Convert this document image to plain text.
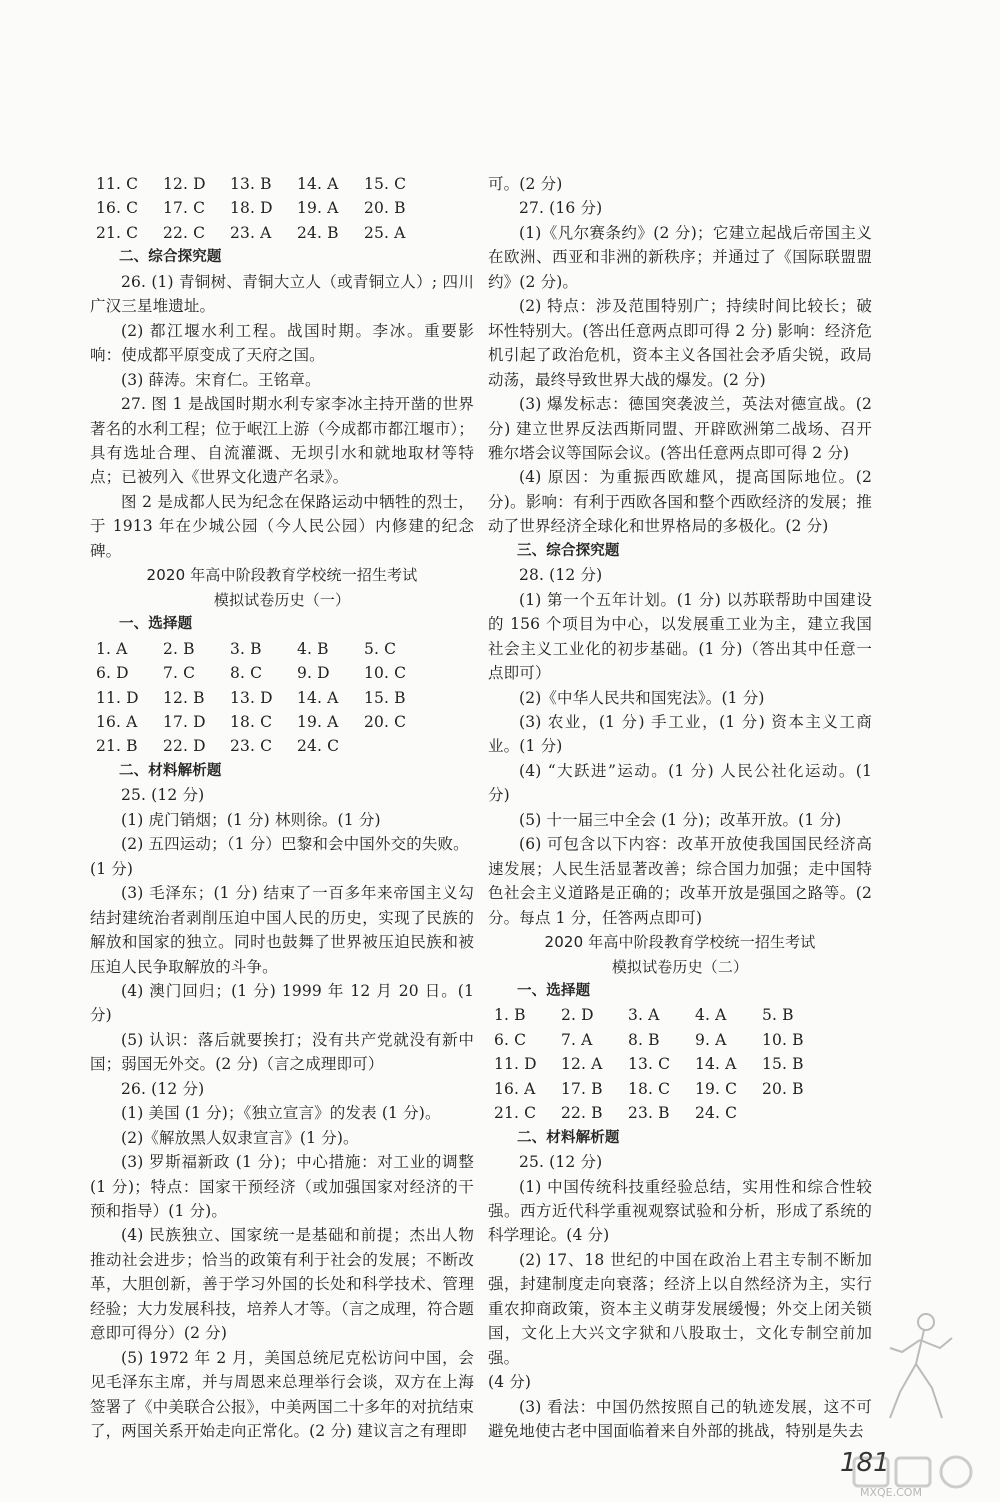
11. C	12. D	13. B	14. A	15. C
16. C	17. C	18. D	19. A	20. B
21. C	22. C	23. A	24. B	25. A

二、综合探究题

26. (1) 青铜树、青铜大立人（或青铜立人）; 四川广汉三星堆遗址。

(2) 都江堰水利工程。战国时期。李冰。重要影响：使成都平原变成了天府之国。

(3) 薛涛。宋育仁。王铭章。

27. 图 1 是战国时期水利专家李冰主持开凿的世界著名的水利工程；位于岷江上游（今成都市都江堰市）；具有选址合理、自流灌溉、无坝引水和就地取材等特点；已被列入《世界文化遗产名录》。

图 2 是成都人民为纪念在保路运动中牺牲的烈士，于 1913 年在少城公园（今人民公园）内修建的纪念碑。

2020 年高中阶段教育学校统一招生考试

模拟试卷历史（一）

一、选择题

1. A	2. B	3. B	4. B	5. C
6. D	7. C	8. C	9. D	10. C
11. D	12. B	13. D	14. A	15. B
16. A	17. D	18. C	19. A	20. C
21. B	22. D	23. C	24. C

二、材料解析题

25. (12 分)

(1) 虎门销烟；(1 分) 林则徐。(1 分)

(2) 五四运动；（1 分）巴黎和会中国外交的失败。

(1 分)

(3) 毛泽东；(1 分) 结束了一百多年来帝国主义勾结封建统治者剥削压迫中国人民的历史，实现了民族的解放和国家的独立。同时也鼓舞了世界被压迫民族和被压迫人民争取解放的斗争。

(4) 澳门回归；(1 分) 1999 年 12 月 20 日。(1 分)

(5) 认识：落后就要挨打；没有共产党就没有新中国；弱国无外交。(2 分)（言之成理即可）

26. (12 分)

(1) 美国 (1 分)；《独立宣言》的发表 (1 分)。

(2)《解放黑人奴隶宣言》(1 分)。

(3) 罗斯福新政 (1 分)；中心措施：对工业的调整 (1 分)；特点：国家干预经济（或加强国家对经济的干预和指导）(1 分)。

(4) 民族独立、国家统一是基础和前提；杰出人物推动社会进步；恰当的政策有利于社会的发展；不断改革，大胆创新，善于学习外国的长处和科学技术、管理经验；大力发展科技，培养人才等。（言之成理，符合题意即可得分）(2 分)

(5) 1972 年 2 月，美国总统尼克松访问中国，会见毛泽东主席，并与周恩来总理举行会谈，双方在上海签署了《中美联合公报》，中美两国二十多年的对抗结束了，两国关系开始走向正常化。(2 分) 建议言之有理即

可。(2 分)

27. (16 分)

(1)《凡尔赛条约》(2 分)；它建立起战后帝国主义在欧洲、西亚和非洲的新秩序；并通过了《国际联盟盟约》(2 分)。

(2) 特点：涉及范围特别广；持续时间比较长；破坏性特别大。(答出任意两点即可得 2 分) 影响：经济危机引起了政治危机，资本主义各国社会矛盾尖锐，政局动荡，最终导致世界大战的爆发。(2 分)

(3) 爆发标志：德国突袭波兰，英法对德宣战。(2 分) 建立世界反法西斯同盟、开辟欧洲第二战场、召开雅尔塔会议等国际会议。(答出任意两点即可得 2 分)

(4) 原因：为重振西欧雄风，提高国际地位。(2 分)。影响：有利于西欧各国和整个西欧经济的发展；推动了世界经济全球化和世界格局的多极化。(2 分)

三、综合探究题

28. (12 分)

(1) 第一个五年计划。(1 分) 以苏联帮助中国建设的 156 个项目为中心，以发展重工业为主，建立我国社会主义工业化的初步基础。(1 分)（答出其中任意一点即可）

(2)《中华人民共和国宪法》。(1 分)

(3) 农业，(1 分) 手工业，(1 分) 资本主义工商业。(1 分)

(4) “大跃进”运动。(1 分) 人民公社化运动。(1 分)

(5) 十一届三中全会 (1 分)；改革开放。(1 分)

(6) 可包含以下内容：改革开放使我国国民经济高速发展；人民生活显著改善；综合国力加强；走中国特色社会主义道路是正确的；改革开放是强国之路等。(2 分。每点 1 分，任答两点即可)

2020 年高中阶段教育学校统一招生考试

模拟试卷历史（二）

一、选择题

1. B	2. D	3. A	4. A	5. B
6. C	7. A	8. B	9. A	10. B
11. D	12. A	13. C	14. A	15. B
16. A	17. B	18. C	19. C	20. B
21. C	22. B	23. B	24. C

二、材料解析题

25. (12 分)

(1) 中国传统科技重经验总结，实用性和综合性较强。西方近代科学重视观察试验和分析，形成了系统的科学理论。(4 分)

(2) 17、18 世纪的中国在政治上君主专制不断加强，封建制度走向衰落；经济上以自然经济为主，实行重农抑商政策，资本主义萌芽发展缓慢；外交上闭关锁国，文化上大兴文字狱和八股取士，文化专制空前加强。

(4 分)

(3) 看法：中国仍然按照自己的轨迹发展，这不可避免地使古老中国面临着来自外部的挑战，特别是失去

181
MXQE.COM
